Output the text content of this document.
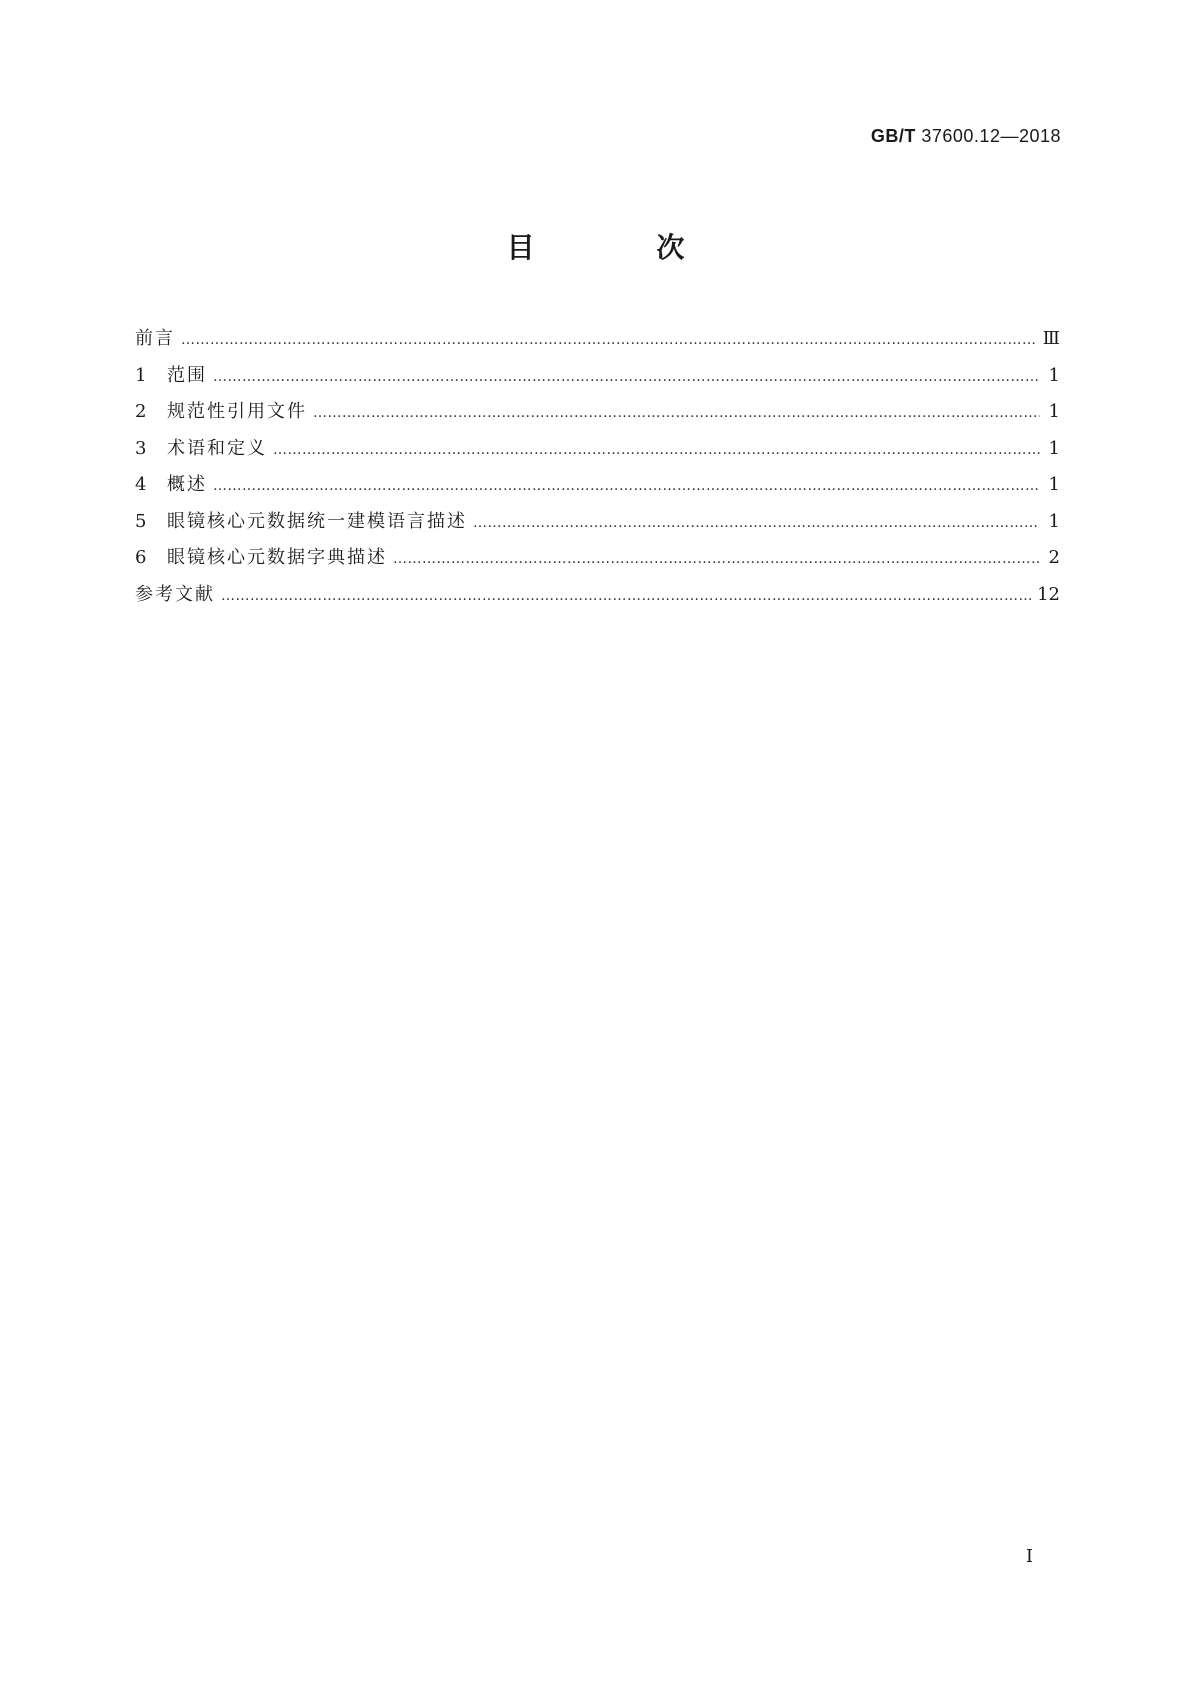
GB/T 37600.12—2018
目 次
前言 ………………………………………………………………………………………………………………………………………………………………………………………………	Ⅲ
1	范围 ………………………………………………………………………………………………………………………………………………………………………………………………	1
2	规范性引用文件 ………………………………………………………………………………………………………………………………………………………………………………………………	1
3	术语和定义 ………………………………………………………………………………………………………………………………………………………………………………………………	1
4	概述 ………………………………………………………………………………………………………………………………………………………………………………………………	1
5	眼镜核心元数据统一建模语言描述 ………………………………………………………………………………………………………………………………………………………………………………………………	1
6	眼镜核心元数据字典描述 ………………………………………………………………………………………………………………………………………………………………………………………………	2
参考文献 ………………………………………………………………………………………………………………………………………………………………………………………………	12
Ⅰ
